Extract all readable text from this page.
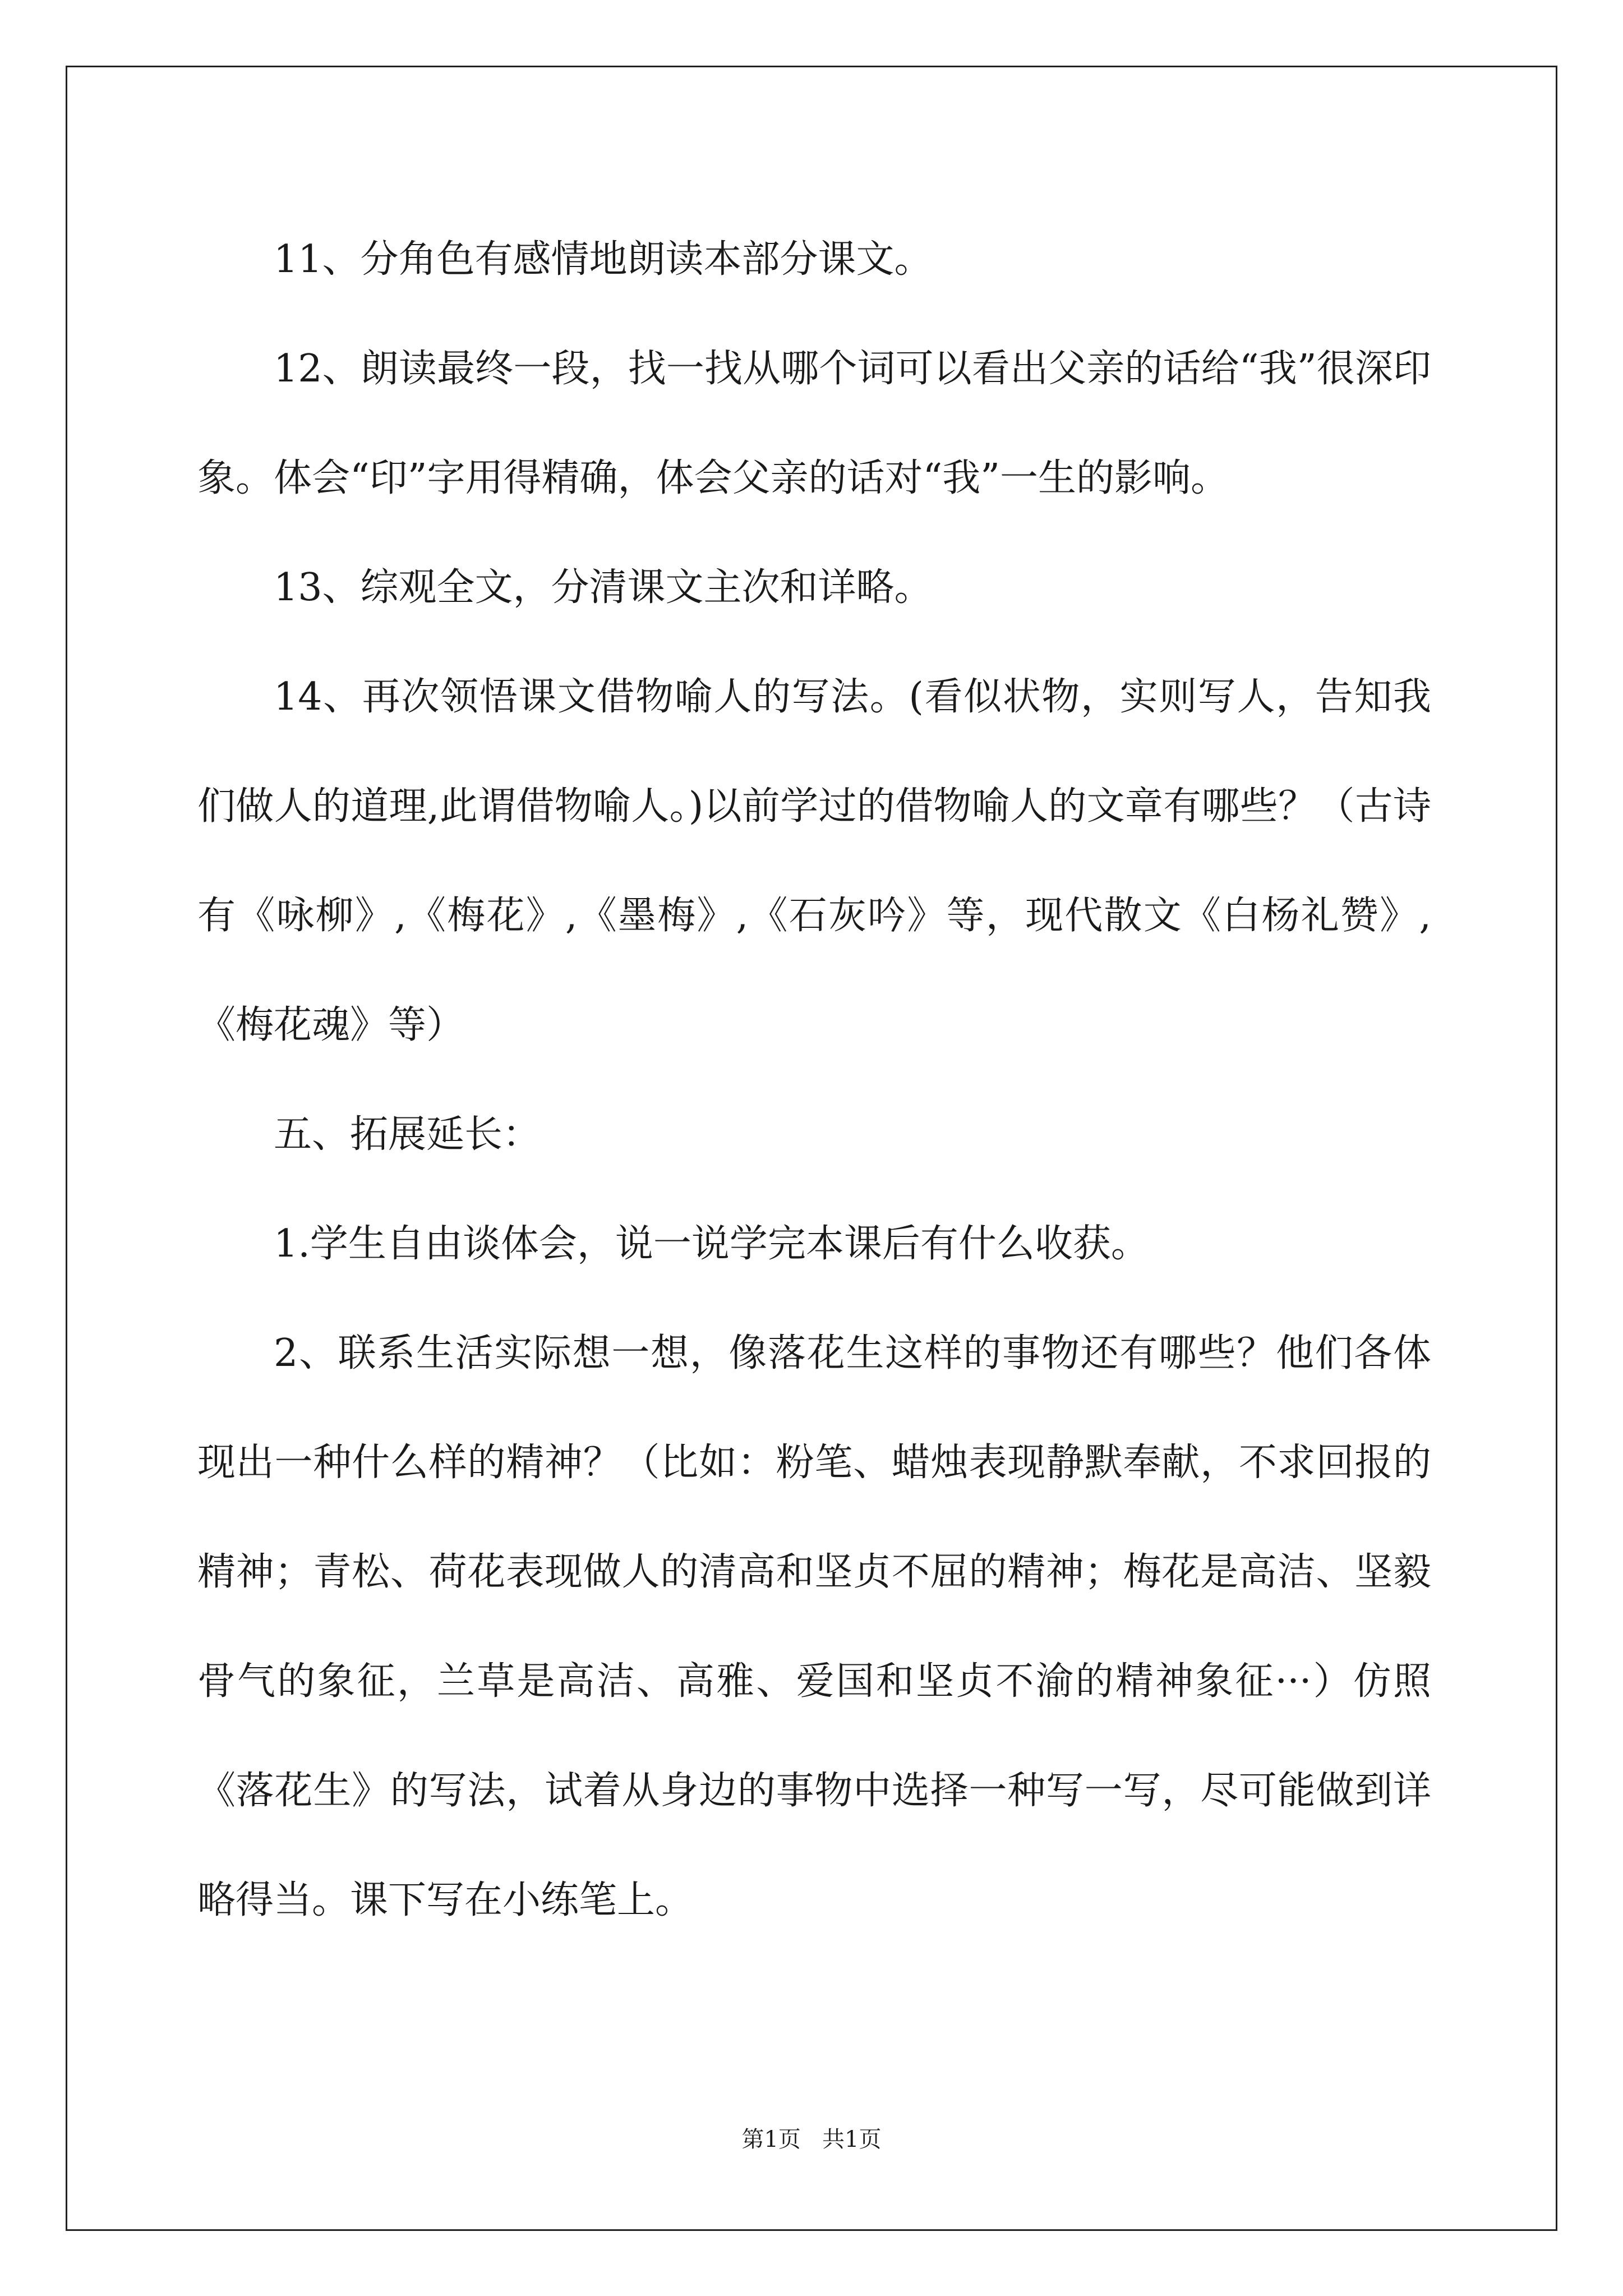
11、分角色有感情地朗读本部分课文。

12、朗读最终一段，找一找从哪个词可以看出父亲的话给“我”很深印象。体会“印”字用得精确，体会父亲的话对“我”一生的影响。

13、综观全文，分清课文主次和详略。

14、再次领悟课文借物喻人的写法。(看似状物，实则写人，告知我们做人的道理,此谓借物喻人。)以前学过的借物喻人的文章有哪些？（古诗有《咏柳》,《梅花》,《墨梅》,《石灰吟》等，现代散文《白杨礼赞》,《梅花魂》等）

五、拓展延长：

1.学生自由谈体会，说一说学完本课后有什么收获。

2、联系生活实际想一想，像落花生这样的事物还有哪些？他们各体现出一种什么样的精神？（比如：粉笔、蜡烛表现静默奉献，不求回报的精神；青松、荷花表现做人的清高和坚贞不屈的精神；梅花是高洁、坚毅 骨气的象征，兰草是高洁、高雅、爱国和坚贞不渝的精神象征···）仿照《落花生》的写法，试着从身边的事物中选择一种写一写，尽可能做到详略得当。课下写在小练笔上。

第1页   共1页
